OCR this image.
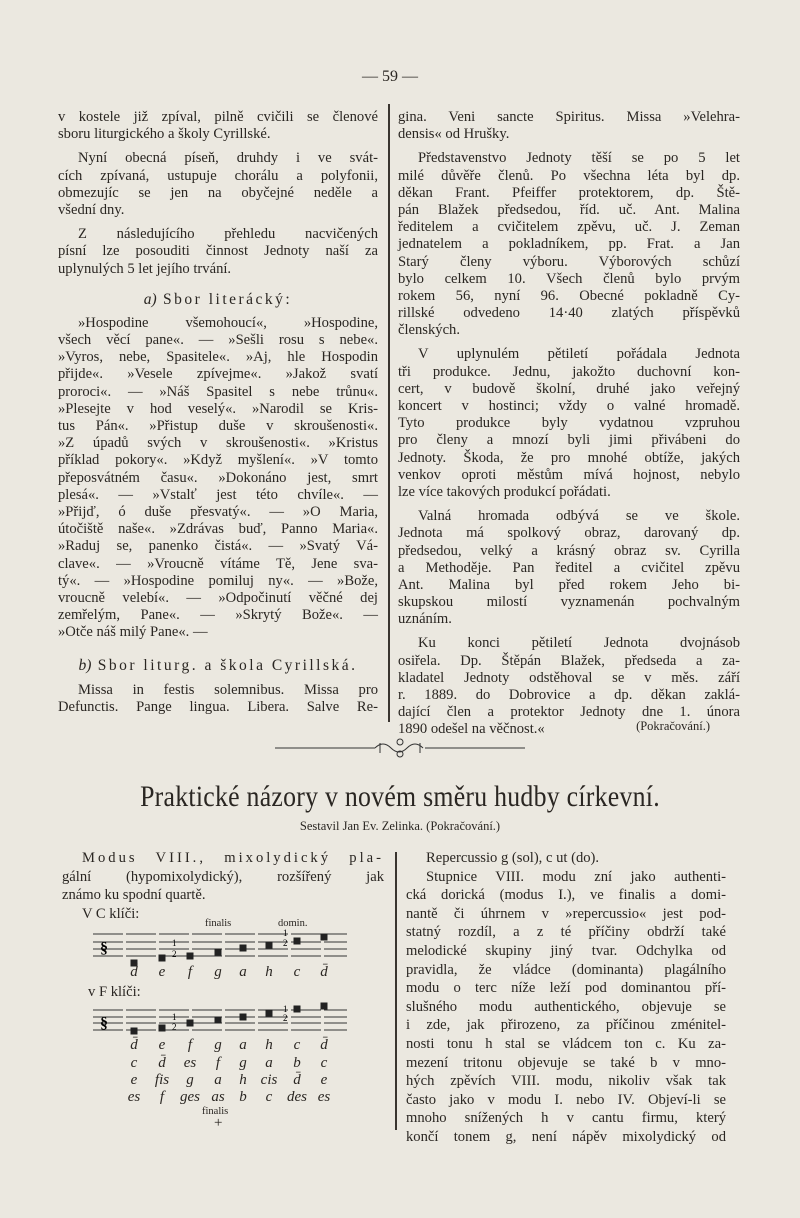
— 59 —
v kostele již zpíval, pilně cvičili se členové
sboru liturgického a školy Cyrillské.
Nyní obecná píseň, druhdy i ve svát-
cích zpívaná, ustupuje chorálu a polyfonii,
obmezujíc se jen na obyčejné neděle a
všední dny.
Z následujícího přehledu nacvičených
písní lze posouditi činnost Jednoty naší za
uplynulých 5 let jejího trvání.
a) Sbor literácký:
»Hospodine všemohoucí«, »Hospodine,
všech věcí pane«. — »Sešli rosu s nebe«.
»Vyros, nebe, Spasitele«. »Aj, hle Hospodin
přijde«. »Vesele zpívejme«. »Jakož svatí
proroci«. — »Náš Spasitel s nebe trůnu«.
»Plesejte v hod veselý«. »Narodil se Kris-
tus Pán«. »Přistup duše v skroušenosti«.
»Z úpadů svých v skroušenosti«. »Kristus
příklad pokory«. »Když myšlení«. »V tomto
přeposvátném času«. »Dokonáno jest, smrt
plesá«. — »Vstalť jest této chvíle«. —
»Přijď, ó duše přesvatý«. — »O Maria,
útočiště naše«. »Zdrávas buď, Panno Maria«.
»Raduj se, panenko čistá«. — »Svatý Vá-
clave«. — »Vroucně vítáme Tě, Jene sva-
tý«. — »Hospodine pomiluj ny«. — »Bože,
vroucně velebí«. — »Odpočinutí věčné dej
zemřelým, Pane«. — »Skrytý Bože«. —
»Otče náš milý Pane«. —
b) Sbor liturg. a škola Cyrillská.
Missa in festis solemnibus. Missa pro
Defunctis. Pange lingua. Libera. Salve Re-
gina. Veni sancte Spiritus. Missa »Velehra-
densis« od Hrušky.
Představenstvo Jednoty těší se po 5 let
milé důvěře členů. Po všechna léta byl dp.
děkan Frant. Pfeiffer protektorem, dp. Ště-
pán Blažek předsedou, říd. uč. Ant. Malina
ředitelem a cvičitelem zpěvu, uč. J. Zeman
jednatelem a pokladníkem, pp. Frat. a Jan
Starý členy výboru. Výborových schůzí
bylo celkem 10. Všech členů bylo prvým
rokem 56, nyní 96. Obecné pokladně Cy-
rillské odvedeno 14·40 zlatých příspěvků
členských.
V uplynulém pětiletí pořádala Jednota
tři produkce. Jednu, jakožto duchovní kon-
cert, v budově školní, druhé jako veřejný
koncert v hostinci; vždy o valné hromadě.
Tyto produkce byly vydatnou vzpruhou
pro členy a mnozí byli jimi přivábeni do
Jednoty. Škoda, že pro mnohé obtíže, jakých
venkov oproti městům mívá hojnost, nebylo
lze více takových produkcí pořádati.
Valná hromada odbývá se ve škole.
Jednota má spolkový obraz, darovaný dp.
předsedou, velký a krásný obraz sv. Cyrilla
a Methoděje. Pan ředitel a cvičitel zpěvu
Ant. Malina byl před rokem Jeho bi-
skupskou milostí vyznamenán pochvalným
uznáním.
Ku konci pětiletí Jednota dvojnásob
osiřela. Dp. Štěpán Blažek, předseda a za-
kladatel Jednoty odstěhoval se v měs. září
r. 1889. do Dobrovice a dp. děkan zaklá-
dající člen a protektor Jednoty dne 1. února
1890 odešel na věčnost.«	(Pokračování.)
Praktické názory v novém směru hudby církevní.
Sestavil Jan Ev. Zelinka. (Pokračování.)
Modus VIII., mixolydický pla-
gální (hypomixolydický), rozšířený jak
známo ku spodní quartě.
V C klíči:
finalis	domin.
§
§
1
2
1
2
1
2
1
2
d̄ e f g a h c d̄
v F klíči:
d̄ e f g a h c d̄
c d̄ es f g a b c
e fis g a h cis d̄ e
es f ges as b c des es
finalis
+
Repercussio g (sol), c ut (do).
Stupnice VIII. modu zní jako authenti-
cká dorická (modus I.), ve finalis a domi-
nantě či úhrnem v »repercussio« jest pod-
statný rozdíl, a z té příčiny obdrží také
melodické skupiny jiný tvar. Odchylka od
pravidla, že vládce (dominanta) plagálního
modu o terc níže leží pod dominantou pří-
slušného modu authentického, objevuje se
i zde, jak přirozeno, za příčinou zménitel-
nosti tonu h stal se vládcem ton c. Ku za-
mezení tritonu objevuje se také b v mno-
hých zpěvích VIII. modu, nikoliv však tak
často jako v modu I. nebo IV. Objeví-li se
mnoho snížených h v cantu firmu, který
končí tonem g, není nápěv mixolydický od
